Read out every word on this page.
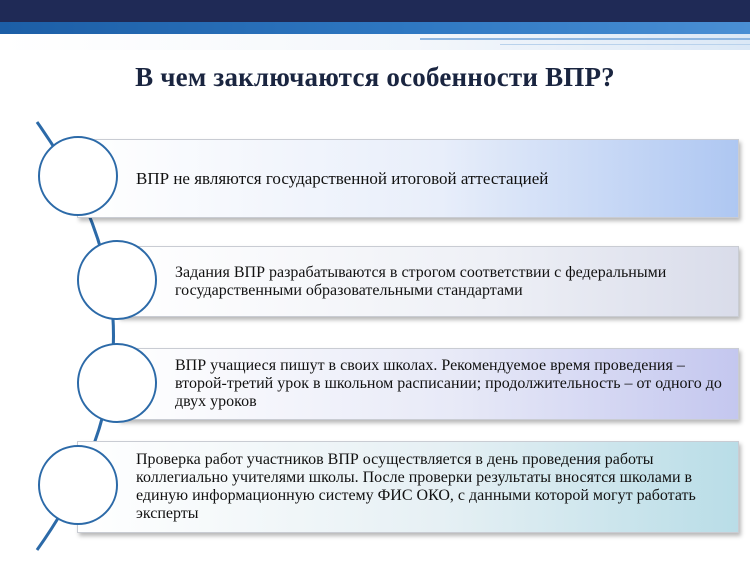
В чем заключаются особенности ВПР?
ВПР не являются государственной итоговой аттестацией
Задания ВПР разрабатываются в строгом соответствии с федеральными государственными образовательными стандартами
ВПР учащиеся пишут в своих школах. Рекомендуемое время проведения – второй-третий урок в школьном расписании; продолжительность – от одного до двух уроков
Проверка работ участников ВПР осуществляется в день проведения работы коллегиально учителями школы. После проверки результаты вносятся школами в единую информационную систему ФИС ОКО, с данными которой могут работать эксперты
